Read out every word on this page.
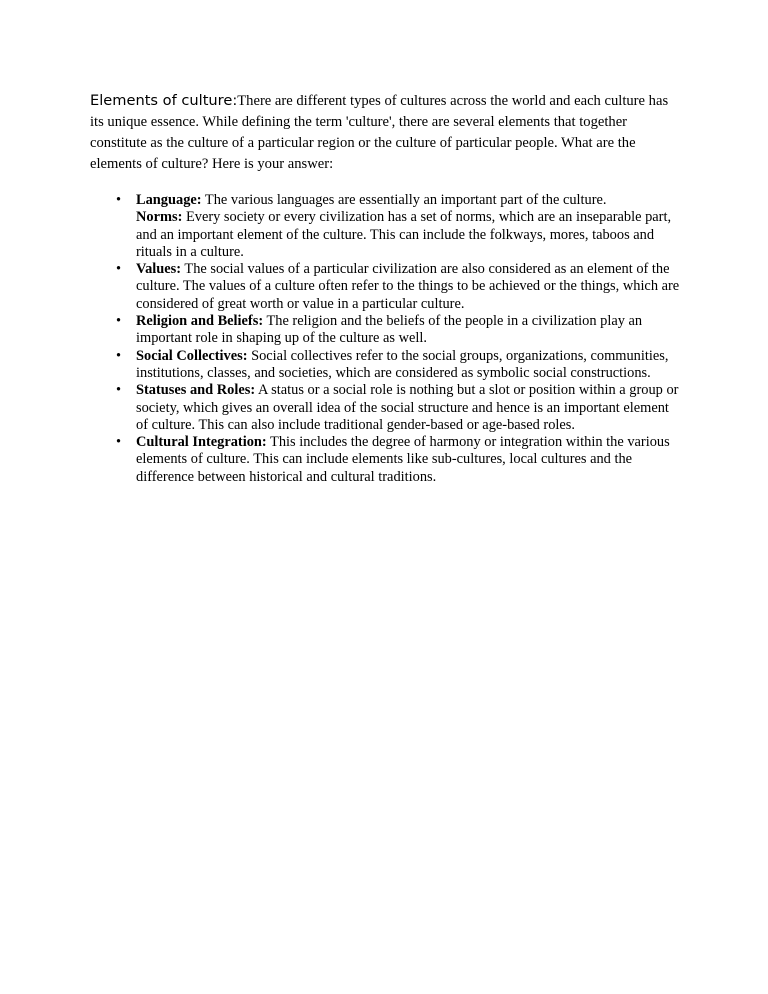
Elements of culture:There are different types of cultures across the world and each culture has its unique essence. While defining the term 'culture', there are several elements that together constitute as the culture of a particular region or the culture of particular people. What are the elements of culture? Here is your answer:

• Language: The various languages are essentially an important part of the culture.
Norms: Every society or every civilization has a set of norms, which are an inseparable part, and an important element of the culture. This can include the folkways, mores, taboos and rituals in a culture.
• Values: The social values of a particular civilization are also considered as an element of the culture. The values of a culture often refer to the things to be achieved or the things, which are considered of great worth or value in a particular culture.
• Religion and Beliefs: The religion and the beliefs of the people in a civilization play an important role in shaping up of the culture as well.
• Social Collectives: Social collectives refer to the social groups, organizations, communities, institutions, classes, and societies, which are considered as symbolic social constructions.
• Statuses and Roles: A status or a social role is nothing but a slot or position within a group or society, which gives an overall idea of the social structure and hence is an important element of culture. This can also include traditional gender-based or age-based roles.
• Cultural Integration: This includes the degree of harmony or integration within the various elements of culture. This can include elements like sub-cultures, local cultures and the difference between historical and cultural traditions.
